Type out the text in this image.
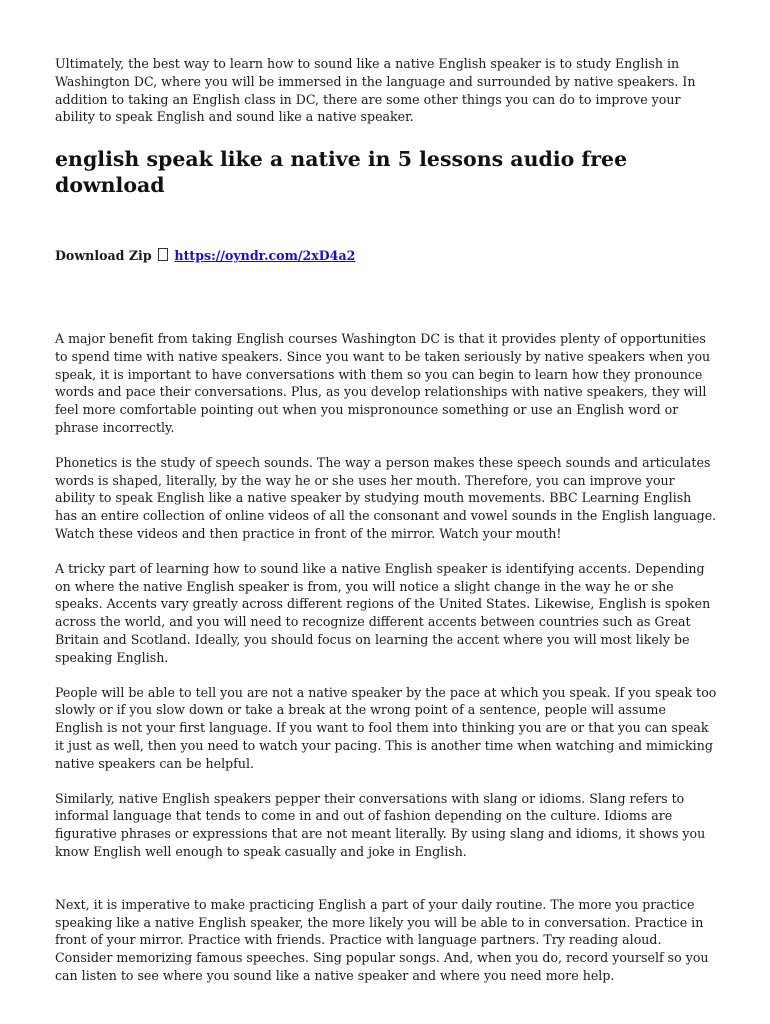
Ultimately, the best way to learn how to sound like a native English speaker is to study English in Washington DC, where you will be immersed in the language and surrounded by native speakers. In addition to taking an English class in DC, there are some other things you can do to improve your ability to speak English and sound like a native speaker.

english speak like a native in 5 lessons audio free download
Download Zip https://oyndr.com/2xD4a2

A major benefit from taking English courses Washington DC is that it provides plenty of opportunities to spend time with native speakers. Since you want to be taken seriously by native speakers when you speak, it is important to have conversations with them so you can begin to learn how they pronounce words and pace their conversations. Plus, as you develop relationships with native speakers, they will feel more comfortable pointing out when you mispronounce something or use an English word or phrase incorrectly.

Phonetics is the study of speech sounds. The way a person makes these speech sounds and articulates words is shaped, literally, by the way he or she uses her mouth. Therefore, you can improve your ability to speak English like a native speaker by studying mouth movements. BBC Learning English has an entire collection of online videos of all the consonant and vowel sounds in the English language. Watch these videos and then practice in front of the mirror. Watch your mouth!

A tricky part of learning how to sound like a native English speaker is identifying accents. Depending on where the native English speaker is from, you will notice a slight change in the way he or she speaks. Accents vary greatly across different regions of the United States. Likewise, English is spoken across the world, and you will need to recognize different accents between countries such as Great Britain and Scotland. Ideally, you should focus on learning the accent where you will most likely be speaking English.

People will be able to tell you are not a native speaker by the pace at which you speak. If you speak too slowly or if you slow down or take a break at the wrong point of a sentence, people will assume English is not your first language. If you want to fool them into thinking you are or that you can speak it just as well, then you need to watch your pacing. This is another time when watching and mimicking native speakers can be helpful.

Similarly, native English speakers pepper their conversations with slang or idioms. Slang refers to informal language that tends to come in and out of fashion depending on the culture. Idioms are figurative phrases or expressions that are not meant literally. By using slang and idioms, it shows you know English well enough to speak casually and joke in English.

Next, it is imperative to make practicing English a part of your daily routine. The more you practice speaking like a native English speaker, the more likely you will be able to in conversation. Practice in front of your mirror. Practice with friends. Practice with language partners. Try reading aloud. Consider memorizing famous speeches. Sing popular songs. And, when you do, record yourself so you can listen to see where you sound like a native speaker and where you need more help.
